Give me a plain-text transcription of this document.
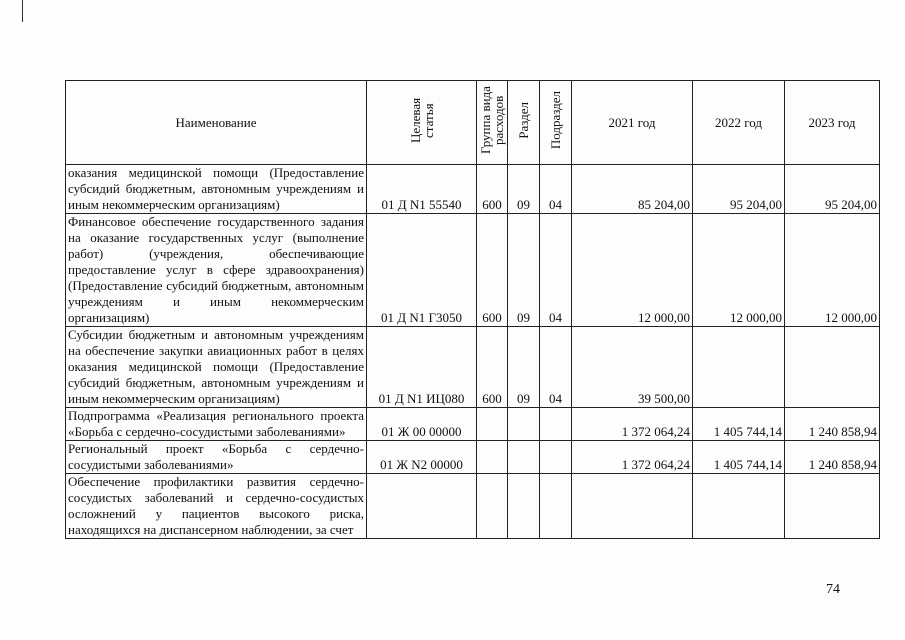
Наименование	Целевая статья	Группа вида расходов	Раздел	Подраздел	2021 год	2022 год	2023 год
оказания медицинской помощи (Предоставление субсидий бюджетным, автономным учреждениям и иным некоммерческим организациям)	01 Д N1 55540	600	09	04	85 204,00	95 204,00	95 204,00
Финансовое обеспечение государственного задания на оказание государственных услуг (выполнение работ) (учреждения, обеспечивающие предоставление услуг в сфере здравоохранения) (Предоставление субсидий бюджетным, автономным учреждениям и иным некоммерческим организациям)	01 Д N1 Г3050	600	09	04	12 000,00	12 000,00	12 000,00
Субсидии бюджетным и автономным учреждениям на обеспечение закупки авиационных работ в целях оказания медицинской помощи (Предоставление субсидий бюджетным, автономным учреждениям и иным некоммерческим организациям)	01 Д N1 ИЦ080	600	09	04	39 500,00		
Подпрограмма «Реализация регионального проекта «Борьба с сердечно-сосудистыми заболеваниями»	01 Ж 00 00000				1 372 064,24	1 405 744,14	1 240 858,94
Региональный проект «Борьба с сердечно-сосудистыми заболеваниями»	01 Ж N2 00000				1 372 064,24	1 405 744,14	1 240 858,94
Обеспечение профилактики развития сердечно-сосудистых заболеваний и сердечно-сосудистых осложнений у пациентов высокого риска, находящихся на диспансерном наблюдении, за счет							
74
